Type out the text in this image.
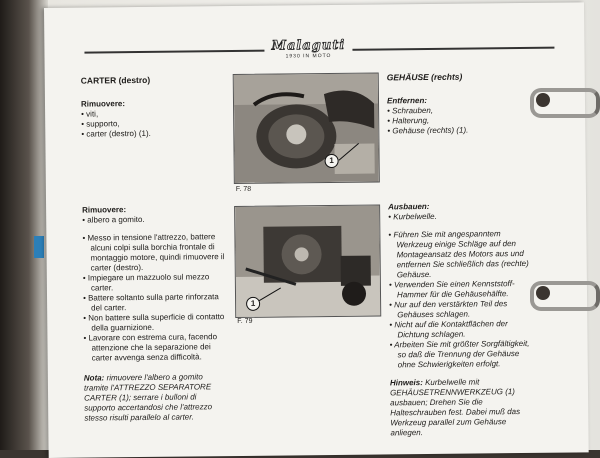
Malaguti
1930 IN MOTO
CARTER (destro)
Rimuovere:
• viti,
• supporto,
• carter (destro) (1).
Rimuovere:
• albero a gomito.
• Messo in tensione l'attrezzo, battere alcuni colpi sulla borchia frontale di montaggio motore, quindi rimuovere il carter (destro).
• Impiegare un mazzuolo sul mezzo carter.
• Battere soltanto sulla parte rinforzata del carter.
• Non battere sulla superficie di contatto della guarnizione.
• Lavorare con estrema cura, facendo attenzione che la separazione dei carter avvenga senza difficoltà.
Nota: rimuovere l'albero a gomito tramite l'ATTREZZO SEPARATORE CARTER (1); serrare i bulloni di supporto accertandosi che l'attrezzo stesso risulti parallelo al carter.
1
F. 78
1
F. 79
GEHÄUSE (rechts)
Entfernen:
• Schrauben,
• Halterung,
• Gehäuse (rechts) (1).
Ausbauen:
• Kurbelwelle.
• Führen Sie mit angespanntem Werkzeug einige Schläge auf den Montageansatz des Motors aus und entfernen Sie schließlich das (rechte) Gehäuse.
• Verwenden Sie einen Kennststoff-Hammer für die Gehäusehälfte.
• Nur auf den verstärkten Teil des Gehäuses schlagen.
• Nicht auf die Kontaktflächen der Dichtung schlagen.
• Arbeiten Sie mit größter Sorgfältigkeit, so daß die Trennung der Gehäuse ohne Schwierigkeiten erfolgt.
Hinweis: Kurbelwelle mit GEHÄUSETRENNWERKZEUG (1) ausbauen; Drehen Sie die Halteschrauben fest. Dabei muß das Werkzeug parallel zum Gehäuse anliegen.
